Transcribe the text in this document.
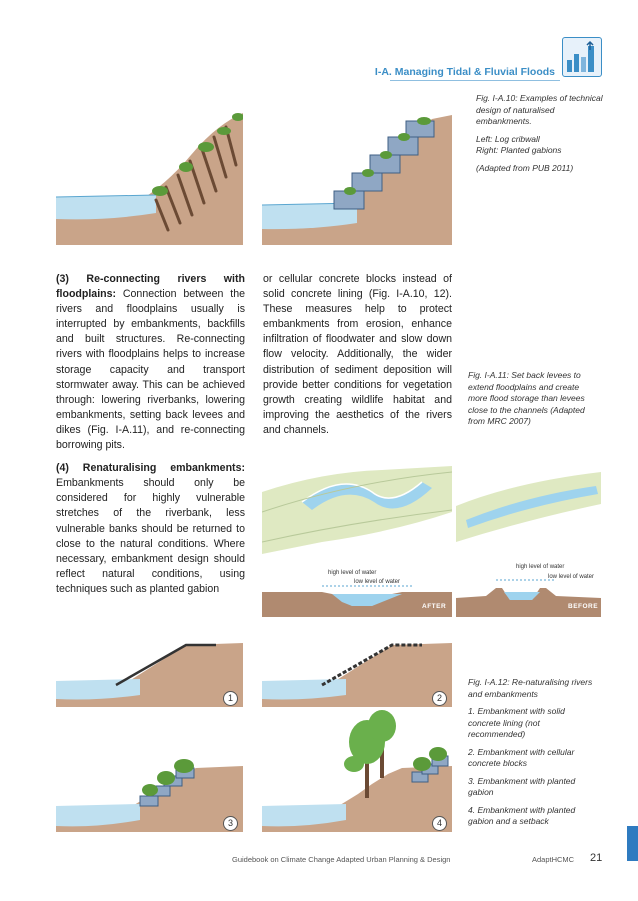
I-A. Managing Tidal & Fluvial Floods

Fig. I-A.10: Examples of technical design of naturalised embankments.

Left: Log cribwall

Right: Planted gabions

(Adapted from PUB 2011)

(3) Re-connecting rivers with floodplains: Connection between the rivers and floodplains usually is interrupted by embankments, backfills and built structures. Re-connecting rivers with floodplains helps to increase storage capacity and transport stormwater away. This can be achieved through: lowering riverbanks, lowering embankments, setting back levees and dikes (Fig. I-A.11), and re-connecting borrowing pits.

(4) Renaturalising embankments: Embankments should only be considered for highly vulnerable stretches of the riverbank, less vulnerable banks should be returned to close to the natural conditions. Where necessary, embankment design should reflect natural conditions, using techniques such as planted gabion

or cellular concrete blocks instead of solid concrete lining (Fig. I-A.10, 12). These measures help to protect embankments from erosion, enhance infiltration of floodwater and slow down flow velocity. Additionally, the wider distribution of sediment deposition will provide better conditions for vegetation growth creating wildlife habitat and improving the aesthetics of the rivers and channels.

Fig. I-A.11: Set back levees to extend floodplains and create more flood storage than levees close to the channels (Adapted from MRC 2007)
high level of water
low level of water
AFTER
high level of water
low level of water
BEFORE
1	2
3	4

Fig. I-A.12: Re-naturalising rivers and embankments

1. Embankment with solid concrete lining (not recommended)

2. Embankment with cellular concrete blocks

3. Embankment with planted gabion

4. Embankment with planted gabion and a setback

Guidebook on Climate Change Adapted Urban Planning & Design	AdaptHCMC 21
